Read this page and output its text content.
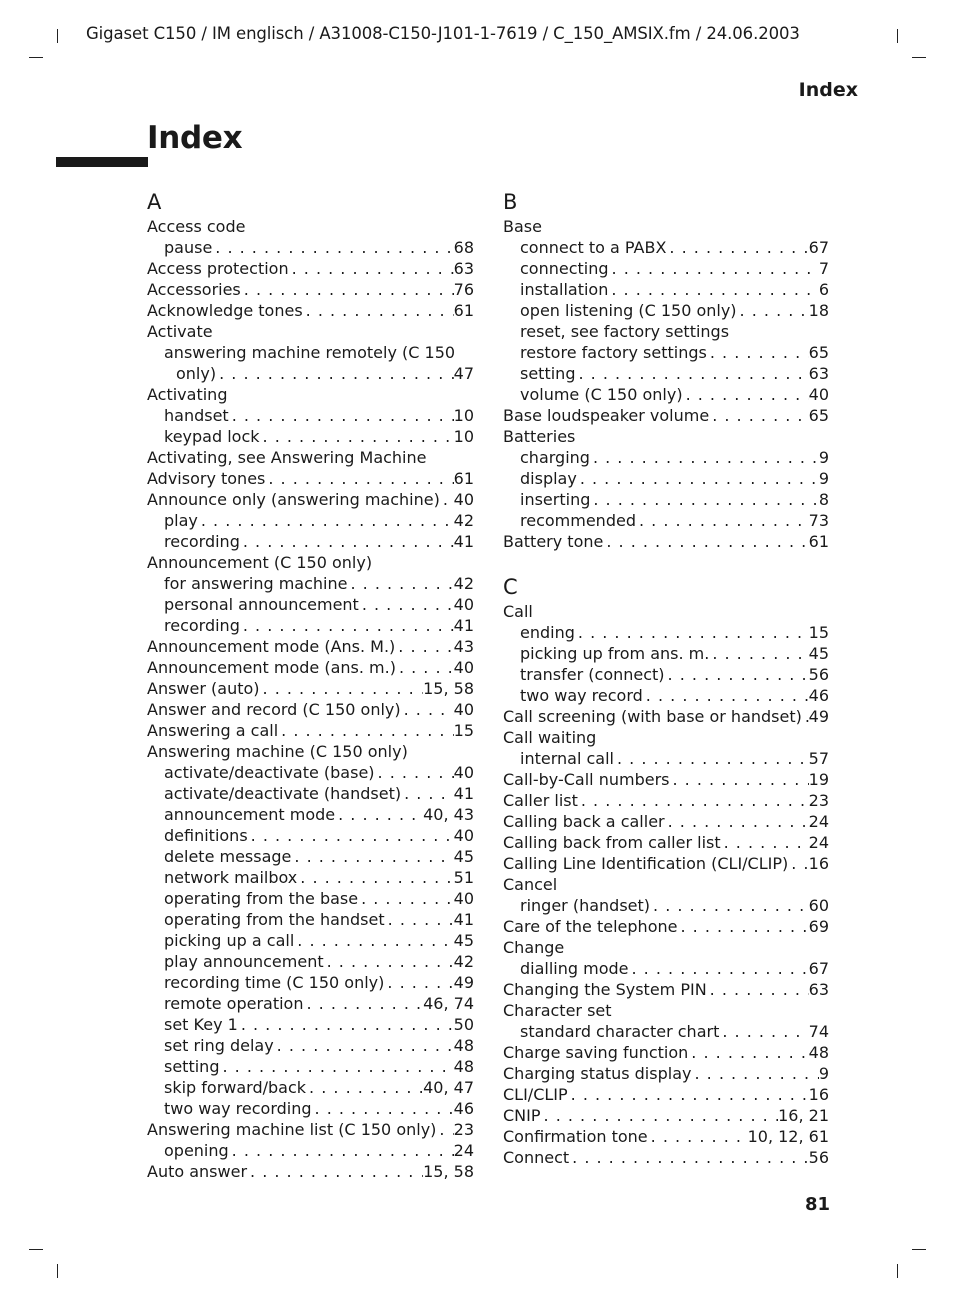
Gigaset C150 / IM englisch / A31008-C150-J101-1-7619 / C_150_AMSIX.fm / 24.06.2003
Index
Index
A
Access code
pause . . .	68
Access protection . . .	63
Accessories . . .	76
Acknowledge tones . . .	61
Activate
answering machine remotely (C 150
only) . . .	47
Activating
handset . . .	10
keypad lock . . .	10
Activating, see Answering Machine
Advisory tones . . .	61
Announce only (answering machine) . . . 40
play . . .	42
recording . . .	41
Announcement (C 150 only)
for answering machine . . .	42
personal announcement . . .	40
recording . . .	41
Announcement mode (Ans. M.) . . .	43
Announcement mode (ans. m.) . . .	40
Answer (auto) . . .	15, 58
Answer and record (C 150 only) . . .	40
Answering a call . . .	15
Answering machine (C 150 only)
activate/deactivate (base) . . .	40
activate/deactivate (handset) . . .	41
announcement mode . . .	40, 43
definitions . . .	40
delete message . . .	45
network mailbox . . .	51
operating from the base . . .	40
operating from the handset . . .	41
picking up a call . . .	45
play announcement . . .	42
recording time (C 150 only) . . .	49
remote operation . . .	46, 74
set Key 1 . . .	50
set ring delay . . .	48
setting . . .	48
skip forward/back . . .	40, 47
two way recording . . .	46
Answering machine list (C 150 only) . . . 23
opening . . .	24
Auto answer . . .	15, 58
B
Base
connect to a PABX . . .	67
connecting . . .	7
installation . . .	6
open listening (C 150 only) . . .	18
reset, see factory settings
restore factory settings . . .	65
setting . . .	63
volume (C 150 only) . . .	40
Base loudspeaker volume . . .	65
Batteries
charging . . .	9
display . . .	9
inserting . . .	8
recommended . . .	73
Battery tone . . .	61
C
Call
ending . . .	15
picking up from ans. m. . . .	45
transfer (connect) . . .	56
two way record . . .	46
Call screening (with base or handset) . . . 49
Call waiting
internal call . . .	57
Call-by-Call numbers . . .	19
Caller list . . .	23
Calling back a caller . . .	24
Calling back from caller list . . .	24
Calling Line Identification (CLI/CLIP) . . . 16
Cancel
ringer (handset) . . .	60
Care of the telephone . . .	69
Change
dialling mode . . .	67
Changing the System PIN . . .	63
Character set
standard character chart . . .	74
Charge saving function . . .	48
Charging status display . . .	9
CLI/CLIP . . .	16
CNIP . . .	16, 21
Confirmation tone . . .	10, 12, 61
Connect . . .	56
81
